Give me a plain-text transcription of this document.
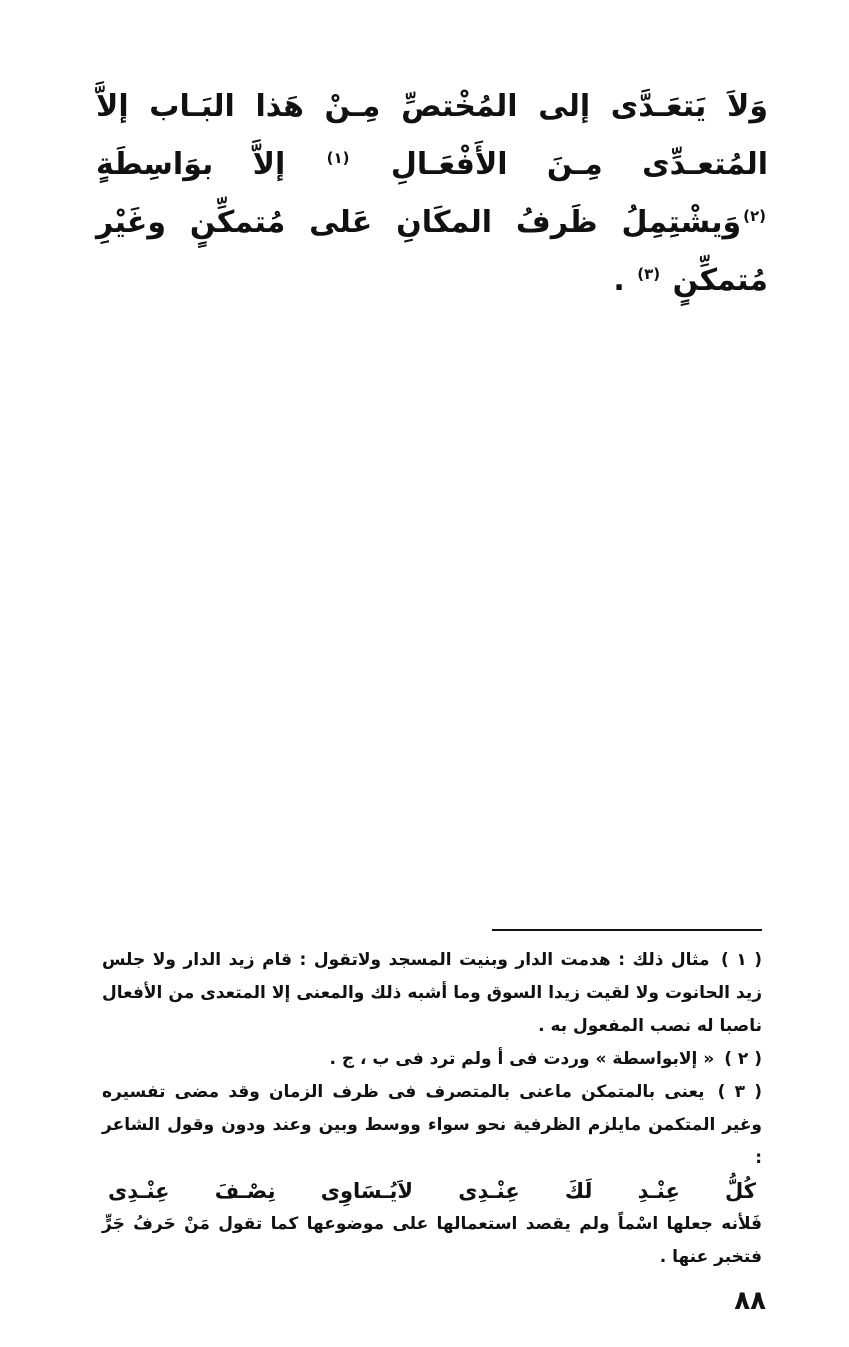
وَلاَ يَتعَـدَّى إلى المُخْتصِّ مِـنْ هَذا البَـاب إلاَّ المُتعـدِّى مِـنَ الأَفْعَـالِ $^{(١)}$ إلاَّ بوَاسِطَةٍ $^{(٢)}$وَيشْتِمِلُ ظَرفُ المكَانِ عَلى مُتمكِّنٍ وغَيْرِ مُتمكِّنٍ $^{(٣)}$ .

( ١ ) مثال ذلك : هدمت الدار وبنيت المسجد ولاتقول : قام زيد الدار ولا جلس زيد الحانوت ولا لقيت زيدا السوق وما أشبه ذلك والمعنى إلا المتعدى من الأفعال ناصبا له نصب المفعول به .

( ٢ ) « إلابواسطة » وردت فى أ ولم ترد فى ب ، ج .

( ٣ ) يعنى بالمتمكن ماعنى بالمتصرف فى ظرف الزمان وقد مضى تفسيره وغير المتكمن مايلزم الظرفية نحو سواء ووسط وبين وعند ودون وقول الشاعر :

كُلُّ
عِنْـدِ
لَكَ
عِنْـدِى
لاَيُـسَاوِى
نِصْـفَ
عِنْـدِى

فَلأنه جعلها اسْماً ولم يقصد استعمالها على موضوعها كما تقول مَنْ حَرفُ جَرٍّ فتخبر عنها .

٨٨
